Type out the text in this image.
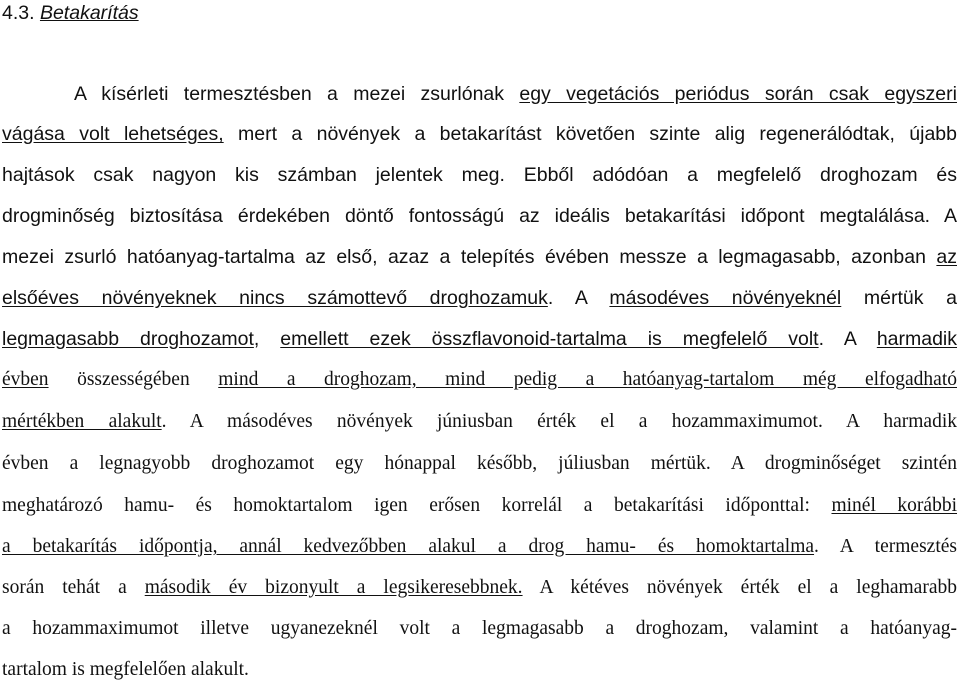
4.3. Betakarítás
A kísérleti termesztésben a mezei zsurlónak egy vegetációs periódus során csak egyszeri
vágása volt lehetséges, mert a növények a betakarítást követően szinte alig regenerálódtak, újabb
hajtások csak nagyon kis számban jelentek meg. Ebből adódóan a megfelelő droghozam és
drogminőség biztosítása érdekében döntő fontosságú az ideális betakarítási időpont megtalálása. A
mezei zsurló hatóanyag-tartalma az első, azaz a telepítés évében messze a legmagasabb, azonban az
elsőéves növényeknek nincs számottevő droghozamuk. A másodéves növényeknél mértük a
legmagasabb droghozamot, emellett ezek összflavonoid-tartalma is megfelelő volt. A harmadik
évben összességében mind a droghozam, mind pedig a hatóanyag-tartalom még elfogadható
mértékben alakult. A másodéves növények júniusban érték el a hozammaximumot. A harmadik
évben a legnagyobb droghozamot egy hónappal később, júliusban mértük. A drogminőséget szintén
meghatározó hamu- és homoktartalom igen erősen korrelál a betakarítási időponttal: minél korábbi
a betakarítás időpontja, annál kedvezőbben alakul a drog hamu- és homoktartalma. A termesztés
során tehát a második év bizonyult a legsikeresebbnek. A kétéves növények érték el a leghamarabb
a hozammaximumot illetve ugyanezeknél volt a legmagasabb a droghozam, valamint a hatóanyag-
tartalom is megfelelően alakult.
